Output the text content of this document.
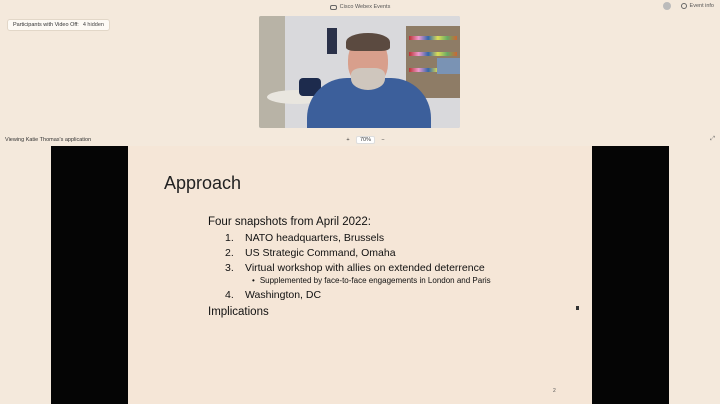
Cisco Webex Events	Event info
Participants with Video Off: 4 hidden
Viewing Katie Thomas's application	+	70%	−	⤢
Approach
Four snapshots from April 2022:
1.	NATO headquarters, Brussels
2.	US Strategic Command, Omaha
3.	Virtual workshop with allies on extended deterrence
• Supplemented by face-to-face engagements in London and Paris
4.	Washington, DC
Implications
2
